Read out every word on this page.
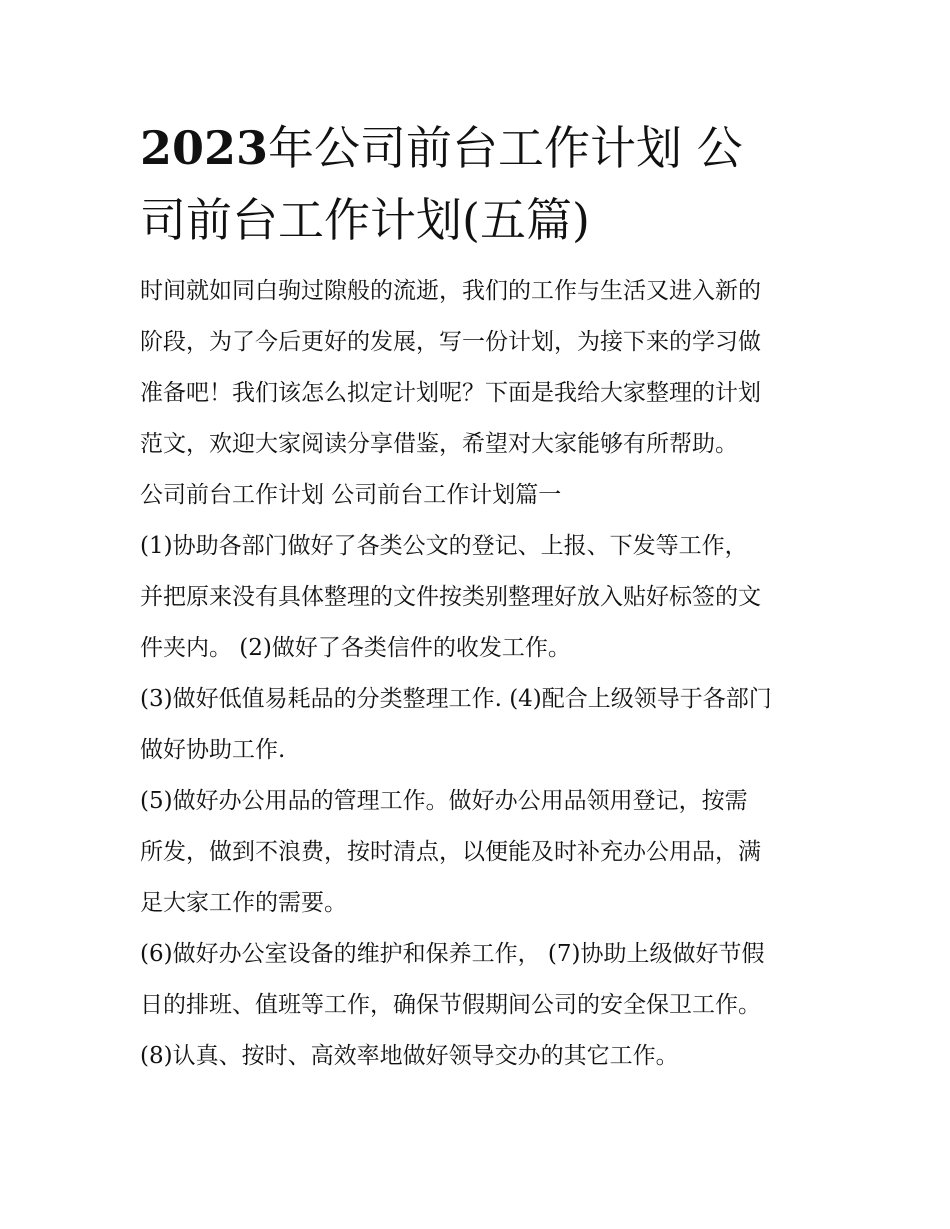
2023年公司前台工作计划 公
司前台工作计划(五篇)

时间就如同白驹过隙般的流逝，我们的工作与生活又进入新的
阶段，为了今后更好的发展，写一份计划，为接下来的学习做
准备吧！我们该怎么拟定计划呢？下面是我给大家整理的计划
范文，欢迎大家阅读分享借鉴，希望对大家能够有所帮助。

公司前台工作计划 公司前台工作计划篇一

(1)协助各部门做好了各类公文的登记、上报、下发等工作，
并把原来没有具体整理的文件按类别整理好放入贴好标签的文
件夹内。 (2)做好了各类信件的收发工作。

(3)做好低值易耗品的分类整理工作. (4)配合上级领导于各部门
做好协助工作.

(5)做好办公用品的管理工作。做好办公用品领用登记，按需
所发，做到不浪费，按时清点，以便能及时补充办公用品，满
足大家工作的需要。

(6)做好办公室设备的维护和保养工作， (7)协助上级做好节假
日的排班、值班等工作，确保节假期间公司的安全保卫工作。

(8)认真、按时、高效率地做好领导交办的其它工作。
